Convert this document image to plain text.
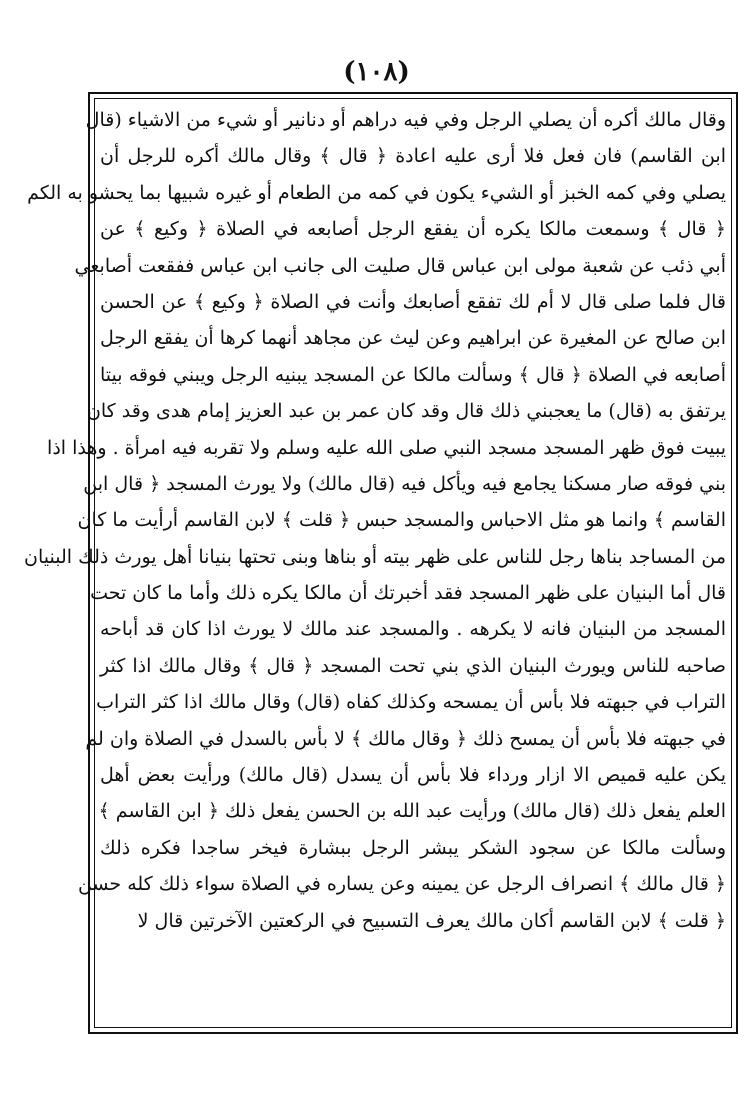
(١٠٨)
وقال مالك أكره أن يصلي الرجل وفي فيه دراهم أو دنانير أو شيء من الاشياء (قال
ابن القاسم) فان فعل فلا أرى عليه اعادة ﴿ قال ﴾ وقال مالك أكره للرجل أن
يصلي وفي كمه الخبز أو الشيء يكون في كمه من الطعام أو غيره شبيها بما يحشو به الكم
﴿ قال ﴾ وسمعت مالكا يكره أن يفقع الرجل أصابعه في الصلاة ﴿ وكيع ﴾ عن
أبي ذئب عن شعبة مولى ابن عباس قال صليت الى جانب ابن عباس ففقعت أصابعي
قال فلما صلى قال لا أم لك تفقع أصابعك وأنت في الصلاة ﴿ وكيع ﴾ عن الحسن
ابن صالح عن المغيرة عن ابراهيم وعن ليث عن مجاهد أنهما كرها أن يفقع الرجل
أصابعه في الصلاة ﴿ قال ﴾ وسألت مالكا عن المسجد يبنيه الرجل ويبني فوقه بيتا
يرتفق به (قال) ما يعجبني ذلك قال وقد كان عمر بن عبد العزيز إمام هدى وقد كان
يبيت فوق ظهر المسجد مسجد النبي صلى الله عليه وسلم ولا تقربه فيه امرأة . وهذا اذا
بني فوقه صار مسكنا يجامع فيه ويأكل فيه (قال مالك) ولا يورث المسجد ﴿ قال ابن
القاسم ﴾ وانما هو مثل الاحباس والمسجد حبس ﴿ قلت ﴾ لابن القاسم أرأيت ما كان
من المساجد بناها رجل للناس على ظهر بيته أو بناها وبنى تحتها بنيانا أهل يورث ذلك البنيان
قال أما البنيان على ظهر المسجد فقد أخبرتك أن مالكا يكره ذلك وأما ما كان تحت
المسجد من البنيان فانه لا يكرهه . والمسجد عند مالك لا يورث اذا كان قد أباحه
صاحبه للناس ويورث البنيان الذي بني تحت المسجد ﴿ قال ﴾ وقال مالك اذا كثر
التراب في جبهته فلا بأس أن يمسحه وكذلك كفاه (قال) وقال مالك اذا كثر التراب
في جبهته فلا بأس أن يمسح ذلك ﴿ وقال مالك ﴾ لا بأس بالسدل في الصلاة وان لم
يكن عليه قميص الا ازار ورداء فلا بأس أن يسدل (قال مالك) ورأيت بعض أهل
العلم يفعل ذلك (قال مالك) ورأيت عبد الله بن الحسن يفعل ذلك ﴿ ابن القاسم ﴾
وسألت مالكا عن سجود الشكر يبشر الرجل ببشارة فيخر ساجدا فكره ذلك
﴿ قال مالك ﴾ انصراف الرجل عن يمينه وعن يساره في الصلاة سواء ذلك كله حسن
﴿ قلت ﴾ لابن القاسم أكان مالك يعرف التسبيح في الركعتين الآخرتين قال لا
